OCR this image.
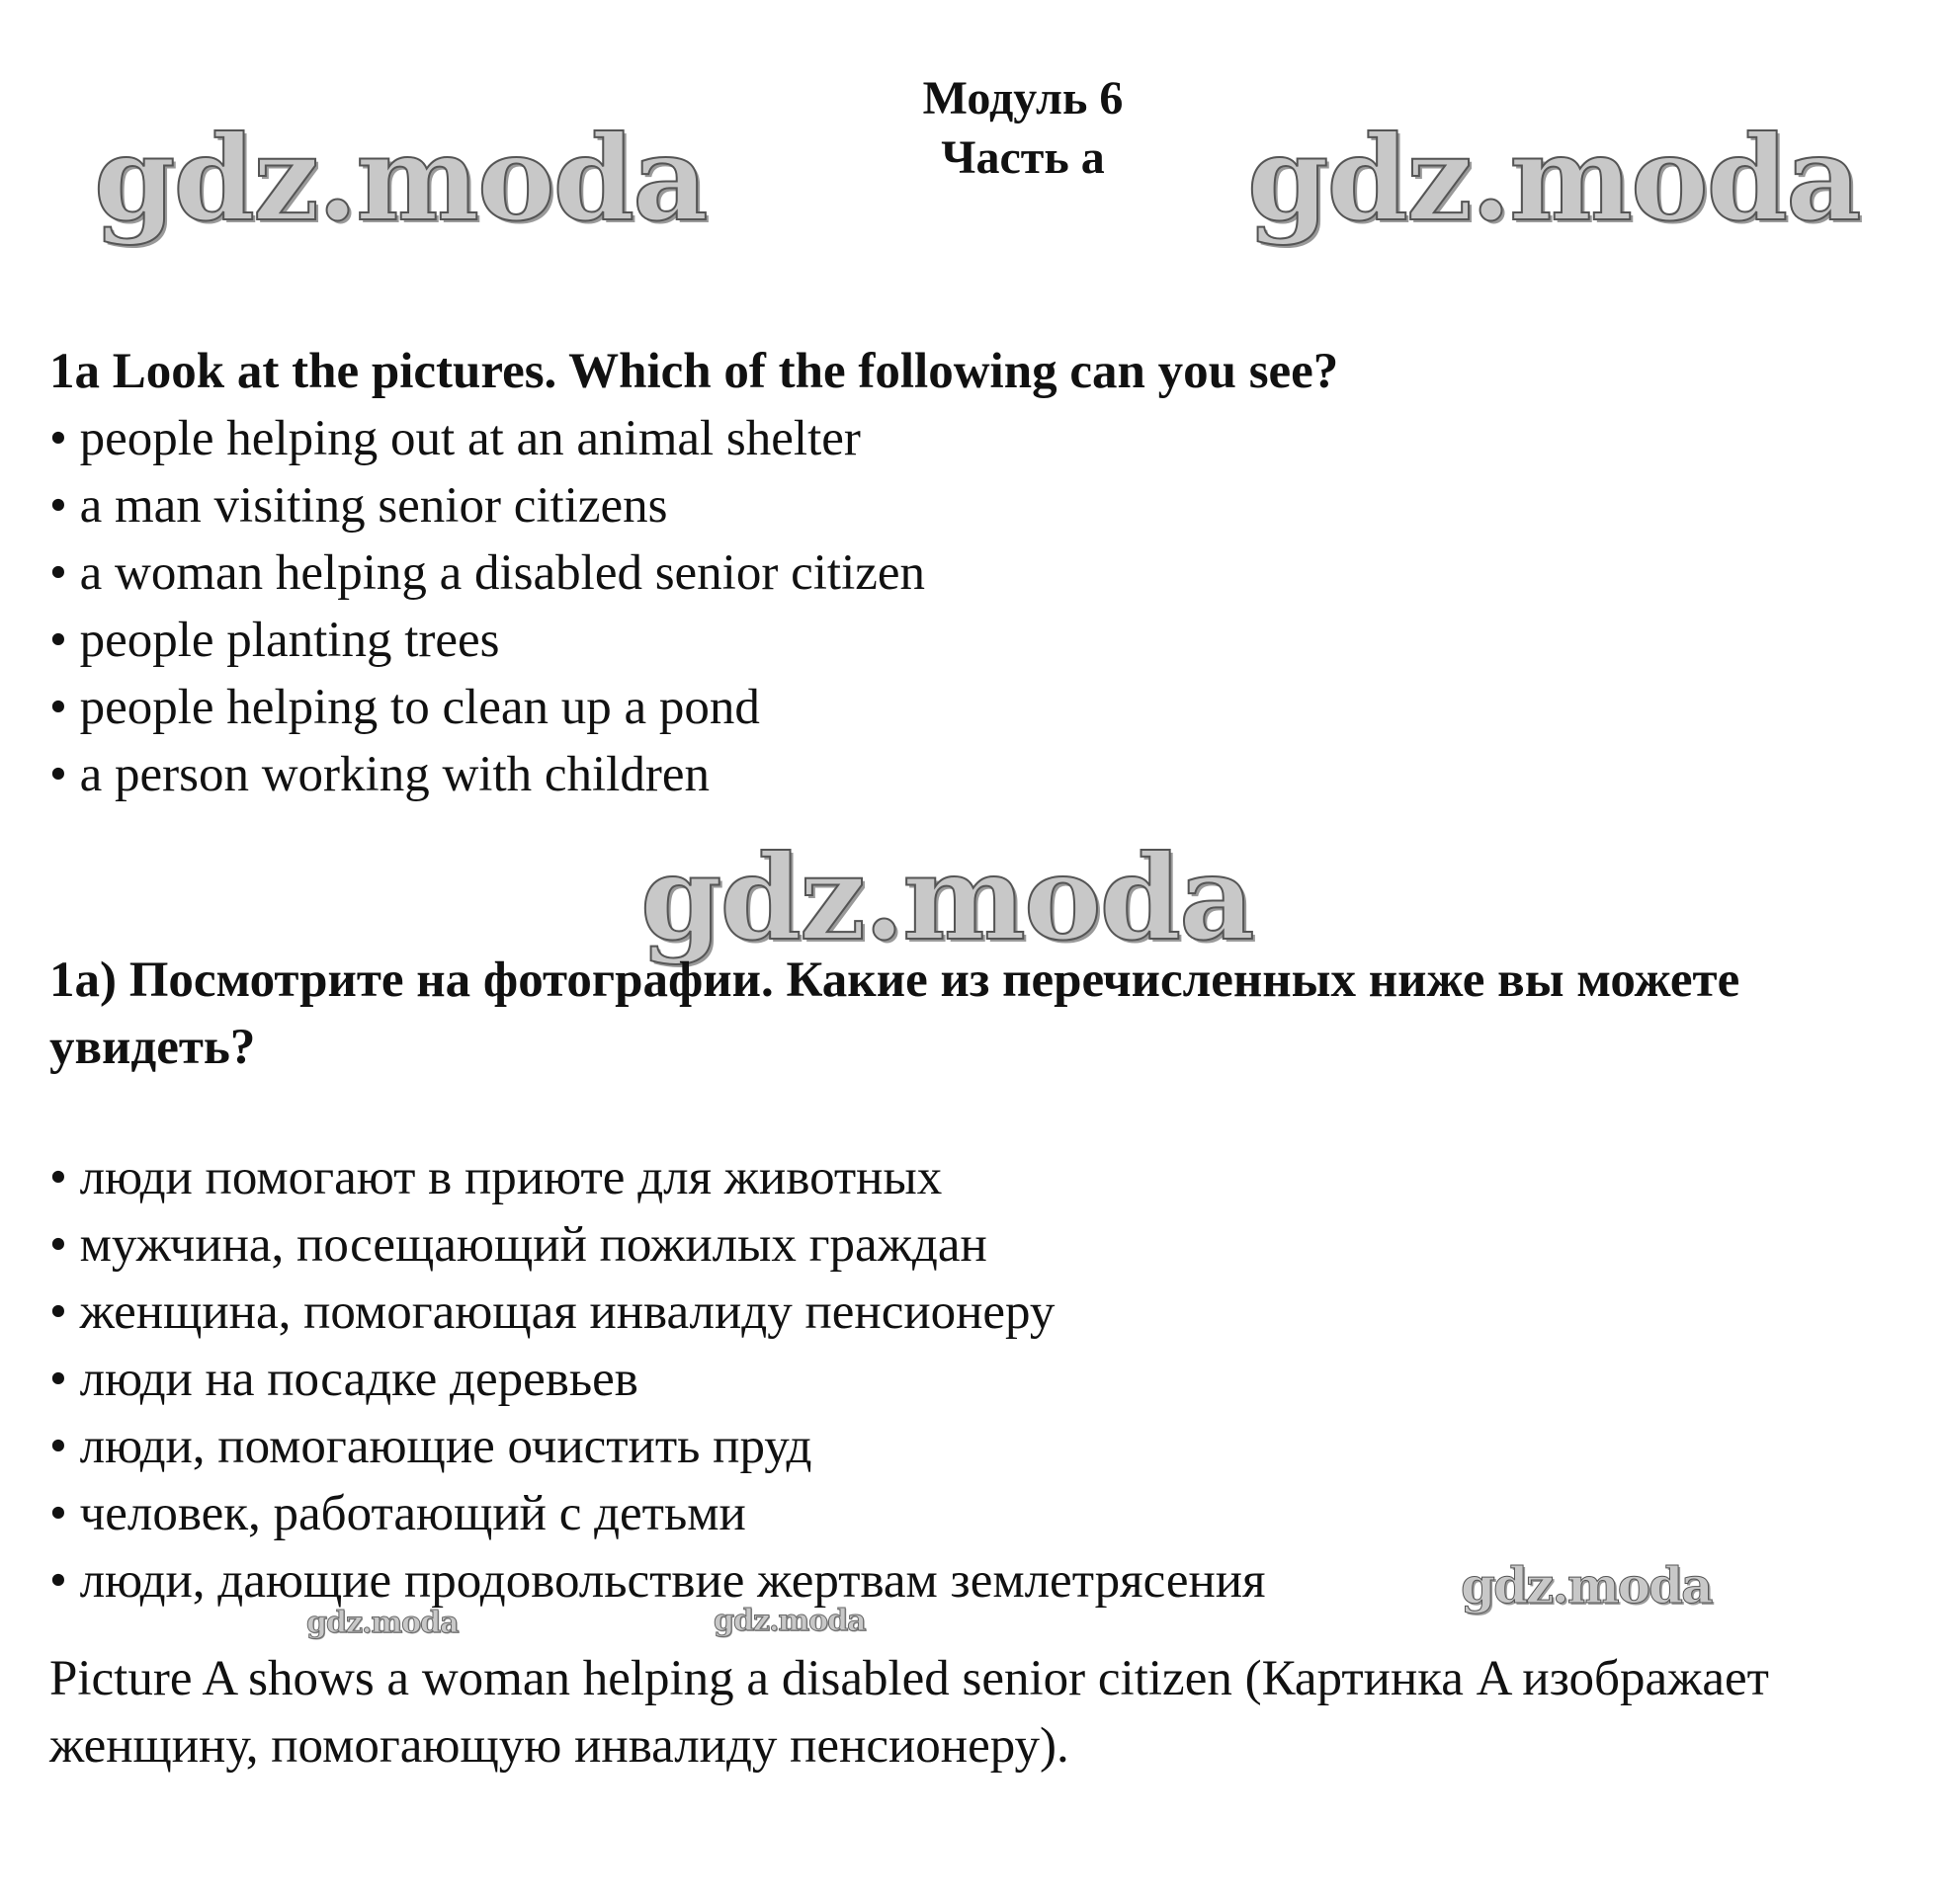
Модуль 6
Часть a
gdz.moda	gdz.moda
gdz.moda
gdz.moda
gdz.moda	gdz.moda

1a Look at the pictures. Which of the following can you see?

• people helping out at an animal shelter
• a man visiting senior citizens
• a woman helping a disabled senior citizen
• people planting trees
• people helping to clean up a pond
• a person working with children

1a) Посмотрите на фотографии. Какие из перечисленных ниже вы можете увидеть?

• люди помогают в приюте для животных
• мужчина, посещающий пожилых граждан
• женщина, помогающая инвалиду пенсионеру
• люди на посадке деревьев
• люди, помогающие очистить пруд
• человек, работающий с детьми
• люди, дающие продовольствие жертвам землетрясения

Picture A shows a woman helping a disabled senior citizen (Картинка A изображает женщину, помогающую инвалиду пенсионеру).
